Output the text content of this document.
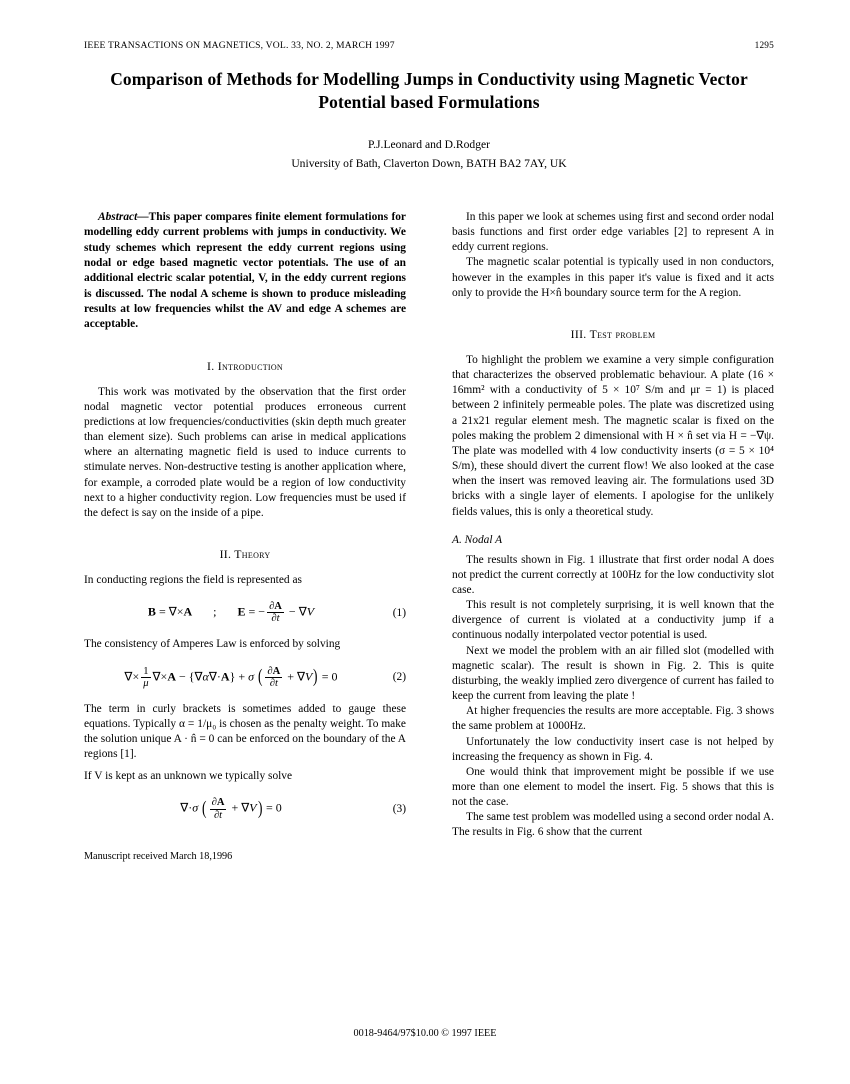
IEEE TRANSACTIONS ON MAGNETICS, VOL. 33, NO. 2, MARCH 1997	1295
Comparison of Methods for Modelling Jumps in Conductivity using Magnetic Vector Potential based Formulations
P.J.Leonard and D.Rodger
University of Bath, Claverton Down, BATH BA2 7AY, UK
Abstract—This paper compares finite element formulations for modelling eddy current problems with jumps in conductivity. We study schemes which represent the eddy current regions using nodal or edge based magnetic vector potentials. The use of an additional electric scalar potential, V, in the eddy current regions is discussed. The nodal A scheme is shown to produce misleading results at low frequencies whilst the AV and edge A schemes are acceptable.
I. Introduction

This work was motivated by the observation that the first order nodal magnetic vector potential produces erroneous current predictions at low frequencies/conductivities (skin depth much greater than element size). Such problems can arise in medical applications where an alternating magnetic field is used to induce currents to stimulate nerves. Non-destructive testing is another application where, for example, a corroded plate would be a region of low conductivity next to a higher conductivity region. Low frequencies must be used if the defect is say on the inside of a pipe.

II. Theory

In conducting regions the field is represented as

B = ∇×A       ;       E = − $\frac{\partial A}{\partial t} - \nabla V$	(1)

The consistency of Amperes Law is enforced by solving

∇× $\frac{1}{\mu} \nabla\times A - \{\nabla\alpha\nabla\cdot A\} + \sigma$ ( $\frac{\partial A}{\partial t} + \nabla V) = 0$	(2)

The term in curly brackets is sometimes added to gauge these equations. Typically α = 1/μ₀ is chosen as the penalty weight. To make the solution unique A · n̂ = 0 can be enforced on the boundary of the A regions [1].

If V is kept as an unknown we typically solve

∇·σ ( $\frac{\partial A}{\partial t} + \nabla V) = 0$	(3)
Manuscript received March 18,1996

In this paper we look at schemes using first and second order nodal basis functions and first order edge variables [2] to represent A in eddy current regions.

The magnetic scalar potential is typically used in non conductors, however in the examples in this paper it's value is fixed and it acts only to provide the H×n̂ boundary source term for the A region.

III. Test problem

To highlight the problem we examine a very simple configuration that characterizes the observed problematic behaviour. A plate (16 × 16mm² with a conductivity of 5 × 10⁷ S/m and μr = 1) is placed between 2 infinitely permeable poles. The plate was discretized using a 21x21 regular element mesh. The magnetic scalar is fixed on the poles making the problem 2 dimensional with H × n̂ set via H = −∇ψ. The plate was modelled with 4 low conductivity inserts (σ = 5 × 10⁴ S/m), these should divert the current flow! We also looked at the case when the insert was removed leaving air. The formulations used 3D bricks with a single layer of elements. I apologise for the unlikely fields values, this is only a theoretical study.

A. Nodal A

The results shown in Fig. 1 illustrate that first order nodal A does not predict the current correctly at 100Hz for the low conductivity slot case.

This result is not completely surprising, it is well known that the divergence of current is violated at a conductivity jump if a continuous nodally interpolated vector potential is used.

Next we model the problem with an air filled slot (modelled with magnetic scalar). The result is shown in Fig. 2. This is quite disturbing, the weakly implied zero divergence of current has failed to keep the current from leaving the plate !

At higher frequencies the results are more acceptable. Fig. 3 shows the same problem at 1000Hz.

Unfortunately the low conductivity insert case is not helped by increasing the frequency as shown in Fig. 4.

One would think that improvement might be possible if we use more than one element to model the insert. Fig. 5 shows that this is not the case.

The same test problem was modelled using a second order nodal A. The results in Fig. 6 show that the current

0018-9464/97$10.00 © 1997 IEEE
